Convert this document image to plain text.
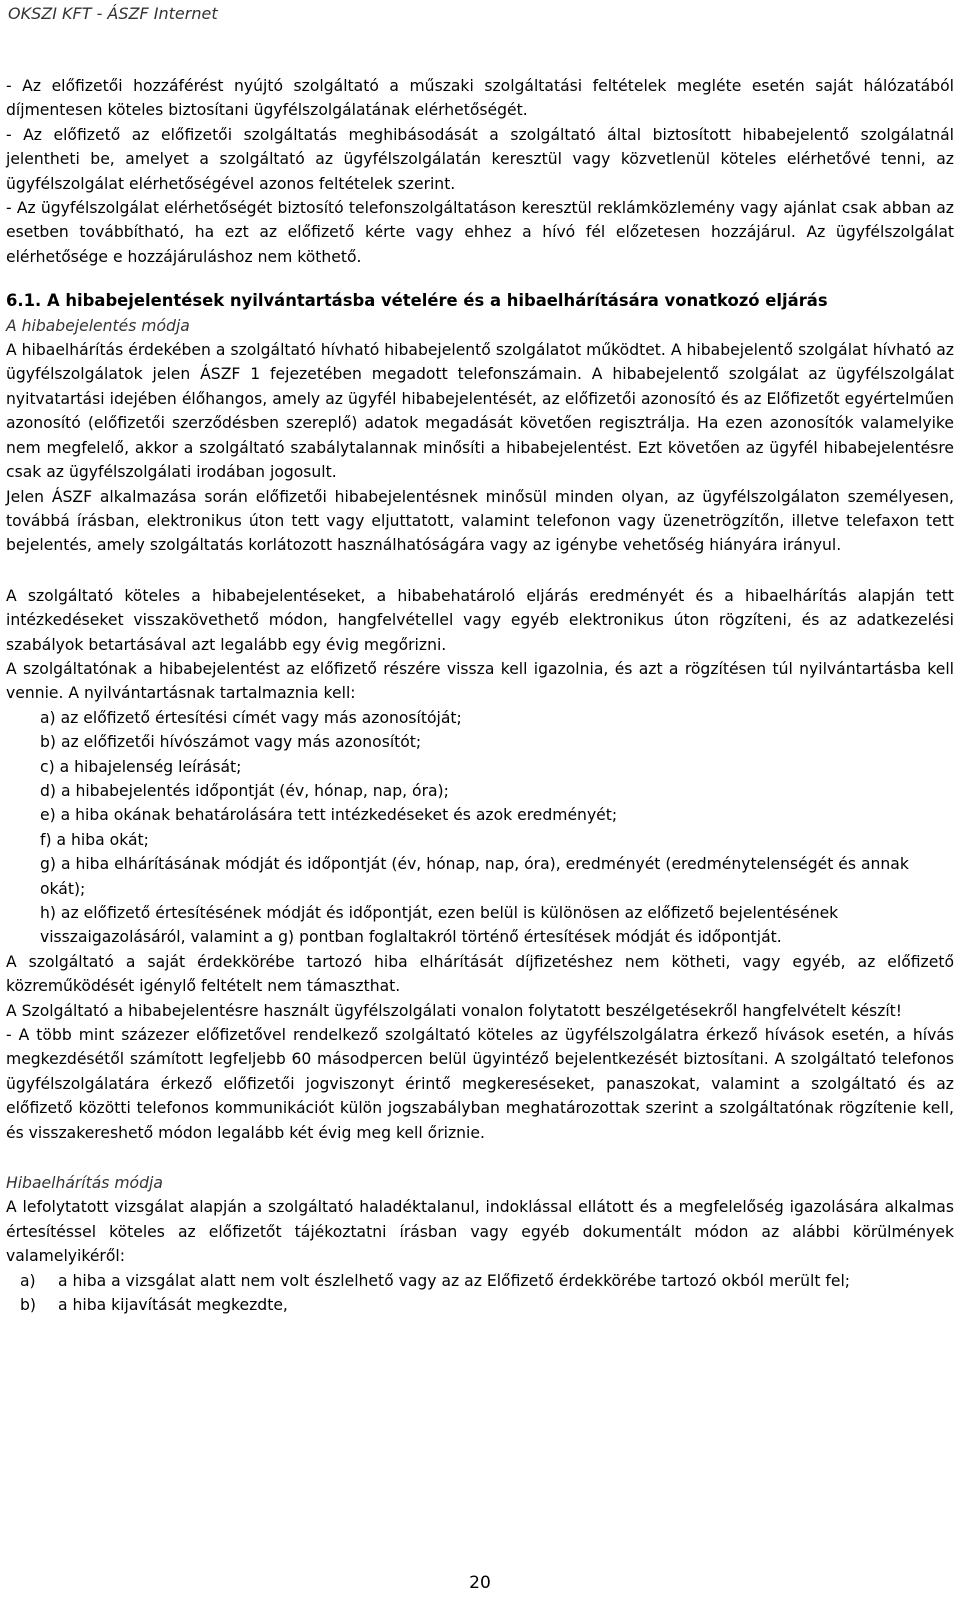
OKSZI KFT - ÁSZF Internet

- Az előfizetői hozzáférést nyújtó szolgáltató a műszaki szolgáltatási feltételek megléte esetén saját hálózatából díjmentesen köteles biztosítani ügyfélszolgálatának elérhetőségét.

- Az előfizető az előfizetői szolgáltatás meghibásodását a szolgáltató által biztosított hibabejelentő szolgálatnál jelentheti be, amelyet a szolgáltató az ügyfélszolgálatán keresztül vagy közvetlenül köteles elérhetővé tenni, az ügyfélszolgálat elérhetőségével azonos feltételek szerint.

- Az ügyfélszolgálat elérhetőségét biztosító telefonszolgáltatáson keresztül reklámközlemény vagy ajánlat csak abban az esetben továbbítható, ha ezt az előfizető kérte vagy ehhez a hívó fél előzetesen hozzájárul. Az ügyfélszolgálat elérhetősége e hozzájáruláshoz nem köthető.

6.1. A hibabejelentések nyilvántartásba vételére és a hibaelhárítására vonatkozó eljárás

A hibabejelentés módja

A hibaelhárítás érdekében a szolgáltató hívható hibabejelentő szolgálatot működtet. A hibabejelentő szolgálat hívható az ügyfélszolgálatok jelen ÁSZF 1 fejezetében megadott telefonszámain. A hibabejelentő szolgálat az ügyfélszolgálat nyitvatartási idejében élőhangos, amely az ügyfél hibabejelentését, az előfizetői azonosító és az Előfizetőt egyértelműen azonosító (előfizetői szerződésben szereplő) adatok megadását követően regisztrálja. Ha ezen azonosítók valamelyike nem megfelelő, akkor a szolgáltató szabálytalannak minősíti a hibabejelentést. Ezt követően az ügyfél hibabejelentésre csak az ügyfélszolgálati irodában jogosult.

Jelen ÁSZF alkalmazása során előfizetői hibabejelentésnek minősül minden olyan, az ügyfélszolgálaton személyesen, továbbá írásban, elektronikus úton tett vagy eljuttatott, valamint telefonon vagy üzenetrögzítőn, illetve telefaxon tett bejelentés, amely szolgáltatás korlátozott használhatóságára vagy az igénybe vehetőség hiányára irányul.

A szolgáltató köteles a hibabejelentéseket, a hibabehatároló eljárás eredményét és a hibaelhárítás alapján tett intézkedéseket visszakövethető módon, hangfelvétellel vagy egyéb elektronikus úton rögzíteni, és az adatkezelési szabályok betartásával azt legalább egy évig megőrizni.

A szolgáltatónak a hibabejelentést az előfizető részére vissza kell igazolnia, és azt a rögzítésen túl nyilvántartásba kell vennie. A nyilvántartásnak tartalmaznia kell:

a) az előfizető értesítési címét vagy más azonosítóját;
b) az előfizetői hívószámot vagy más azonosítót;
c) a hibajelenség leírását;
d) a hibabejelentés időpontját (év, hónap, nap, óra);
e) a hiba okának behatárolására tett intézkedéseket és azok eredményét;
f) a hiba okát;
g) a hiba elhárításának módját és időpontját (év, hónap, nap, óra), eredményét (eredménytelenségét és annak okát);
h) az előfizető értesítésének módját és időpontját, ezen belül is különösen az előfizető bejelentésének visszaigazolásáról, valamint a g) pontban foglaltakról történő értesítések módját és időpontját.

A szolgáltató a saját érdekkörébe tartozó hiba elhárítását díjfizetéshez nem kötheti, vagy egyéb, az előfizető közreműködését igénylő feltételt nem támaszthat.

A Szolgáltató a hibabejelentésre használt ügyfélszolgálati vonalon folytatott beszélgetésekről hangfelvételt készít!

- A több mint százezer előfizetővel rendelkező szolgáltató köteles az ügyfélszolgálatra érkező hívások esetén, a hívás megkezdésétől számított legfeljebb 60 másodpercen belül ügyintéző bejelentkezését biztosítani. A szolgáltató telefonos ügyfélszolgálatára érkező előfizetői jogviszonyt érintő megkereséseket, panaszokat, valamint a szolgáltató és az előfizető közötti telefonos kommunikációt külön jogszabályban meghatározottak szerint a szolgáltatónak rögzítenie kell, és visszakereshető módon legalább két évig meg kell őriznie.

Hibaelhárítás módja

A lefolytatott vizsgálat alapján a szolgáltató haladéktalanul, indoklással ellátott és a megfelelőség igazolására alkalmas értesítéssel köteles az előfizetőt tájékoztatni írásban vagy egyéb dokumentált módon az alábbi körülmények valamelyikéről:

a) a hiba a vizsgálat alatt nem volt észlelhető vagy az az Előfizető érdekkörébe tartozó okból merült fel;
b) a hiba kijavítását megkezdte,
20
